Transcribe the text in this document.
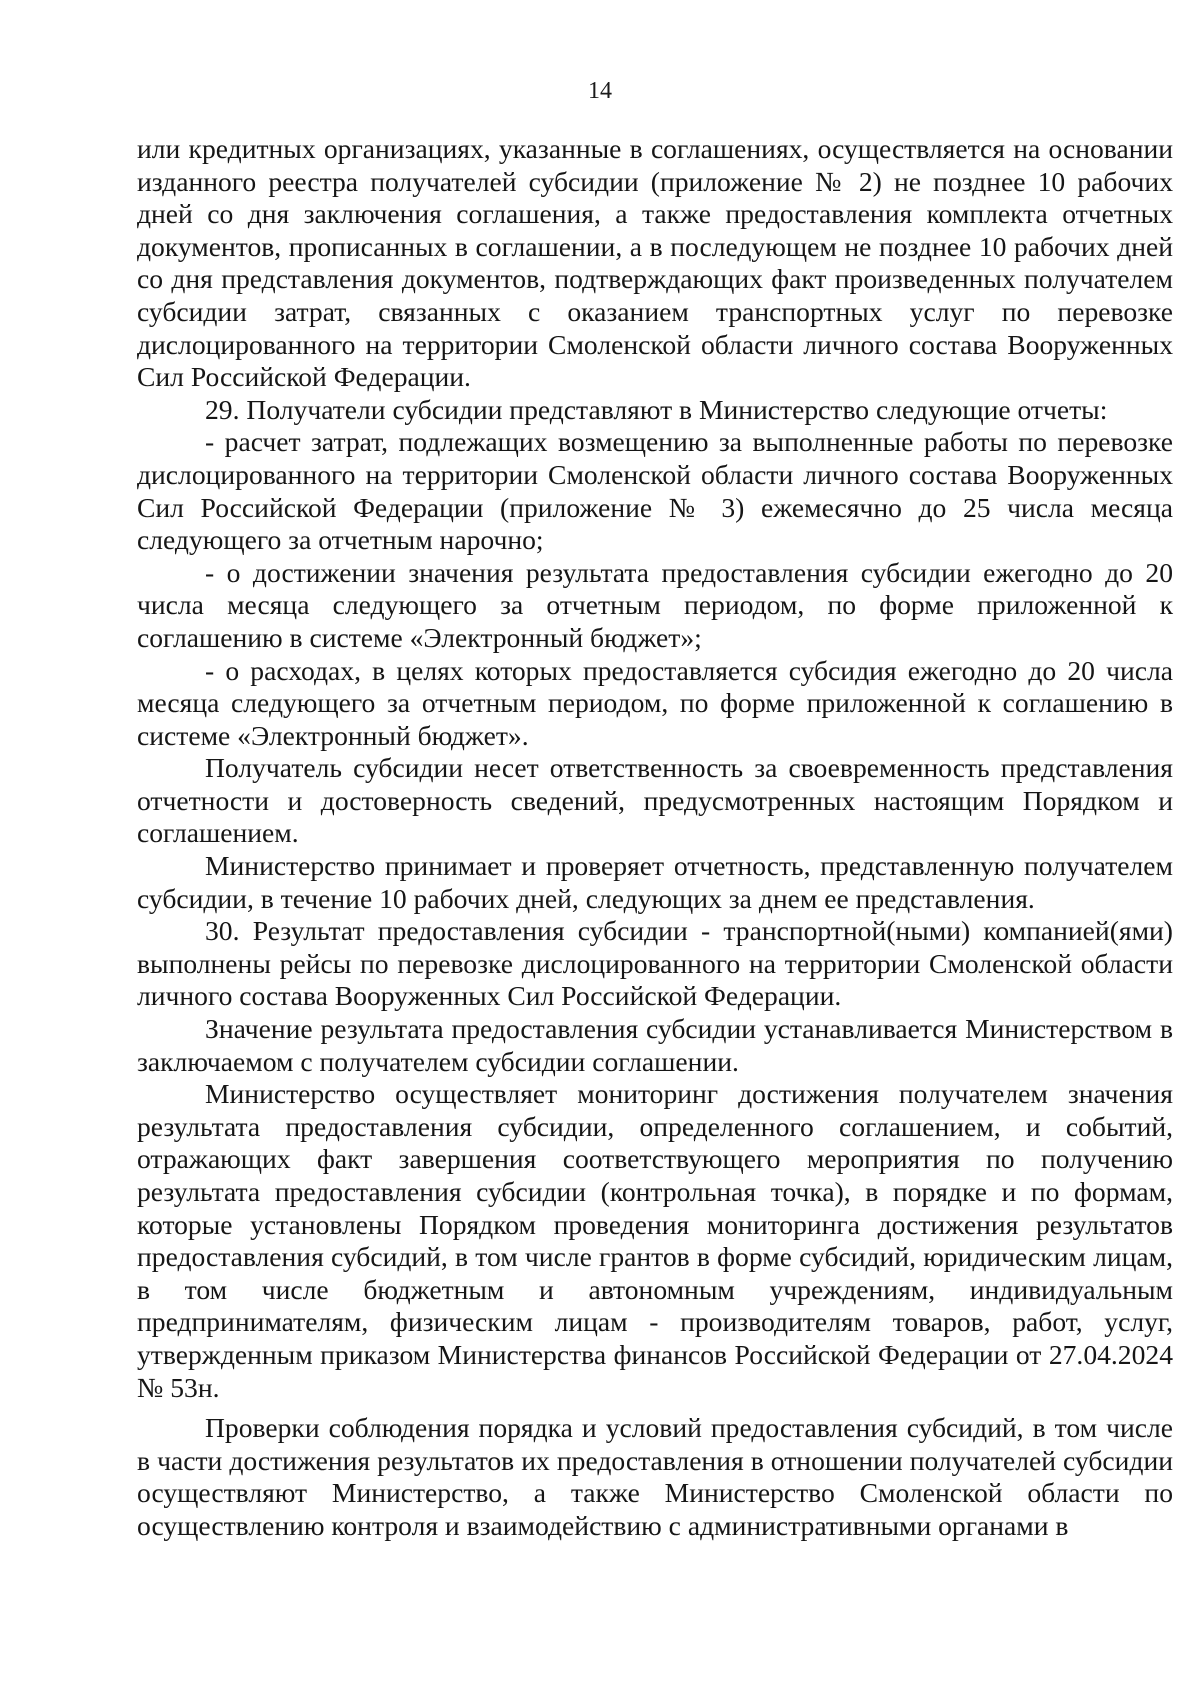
14

или кредитных организациях, указанные в соглашениях, осуществляется на основании изданного реестра получателей субсидии (приложение № 2) не позднее 10 рабочих дней со дня заключения соглашения, а также предоставления комплекта отчетных документов, прописанных в соглашении, а в последующем не позднее 10 рабочих дней со дня представления документов, подтверждающих факт произведенных получателем субсидии затрат, связанных с оказанием транспортных услуг по перевозке дислоцированного на территории Смоленской области личного состава Вооруженных Сил Российской Федерации.

29. Получатели субсидии представляют в Министерство следующие отчеты:

- расчет затрат, подлежащих возмещению за выполненные работы по перевозке дислоцированного на территории Смоленской области личного состава Вооруженных Сил Российской Федерации (приложение № 3) ежемесячно до 25 числа месяца следующего за отчетным нарочно;

- о достижении значения результата предоставления субсидии ежегодно до 20 числа месяца следующего за отчетным периодом, по форме приложенной к соглашению в системе «Электронный бюджет»;

- о расходах, в целях которых предоставляется субсидия ежегодно до 20 числа месяца следующего за отчетным периодом, по форме приложенной к соглашению в системе «Электронный бюджет».

Получатель субсидии несет ответственность за своевременность представления отчетности и достоверность сведений, предусмотренных настоящим Порядком и соглашением.

Министерство принимает и проверяет отчетность, представленную получателем субсидии, в течение 10 рабочих дней, следующих за днем ее представления.

30. Результат предоставления субсидии - транспортной(ными) компанией(ями) выполнены рейсы по перевозке дислоцированного на территории Смоленской области личного состава Вооруженных Сил Российской Федерации.

Значение результата предоставления субсидии устанавливается Министерством в заключаемом с получателем субсидии соглашении.

Министерство осуществляет мониторинг достижения получателем значения результата предоставления субсидии, определенного соглашением, и событий, отражающих факт завершения соответствующего мероприятия по получению результата предоставления субсидии (контрольная точка), в порядке и по формам, которые установлены Порядком проведения мониторинга достижения результатов предоставления субсидий, в том числе грантов в форме субсидий, юридическим лицам, в том числе бюджетным и автономным учреждениям, индивидуальным предпринимателям, физическим лицам - производителям товаров, работ, услуг, утвержденным приказом Министерства финансов Российской Федерации от 27.04.2024 № 53н.

Проверки соблюдения порядка и условий предоставления субсидий, в том числе в части достижения результатов их предоставления в отношении получателей субсидии осуществляют Министерство, а также Министерство Смоленской области по осуществлению контроля и взаимодействию с административными органами в
